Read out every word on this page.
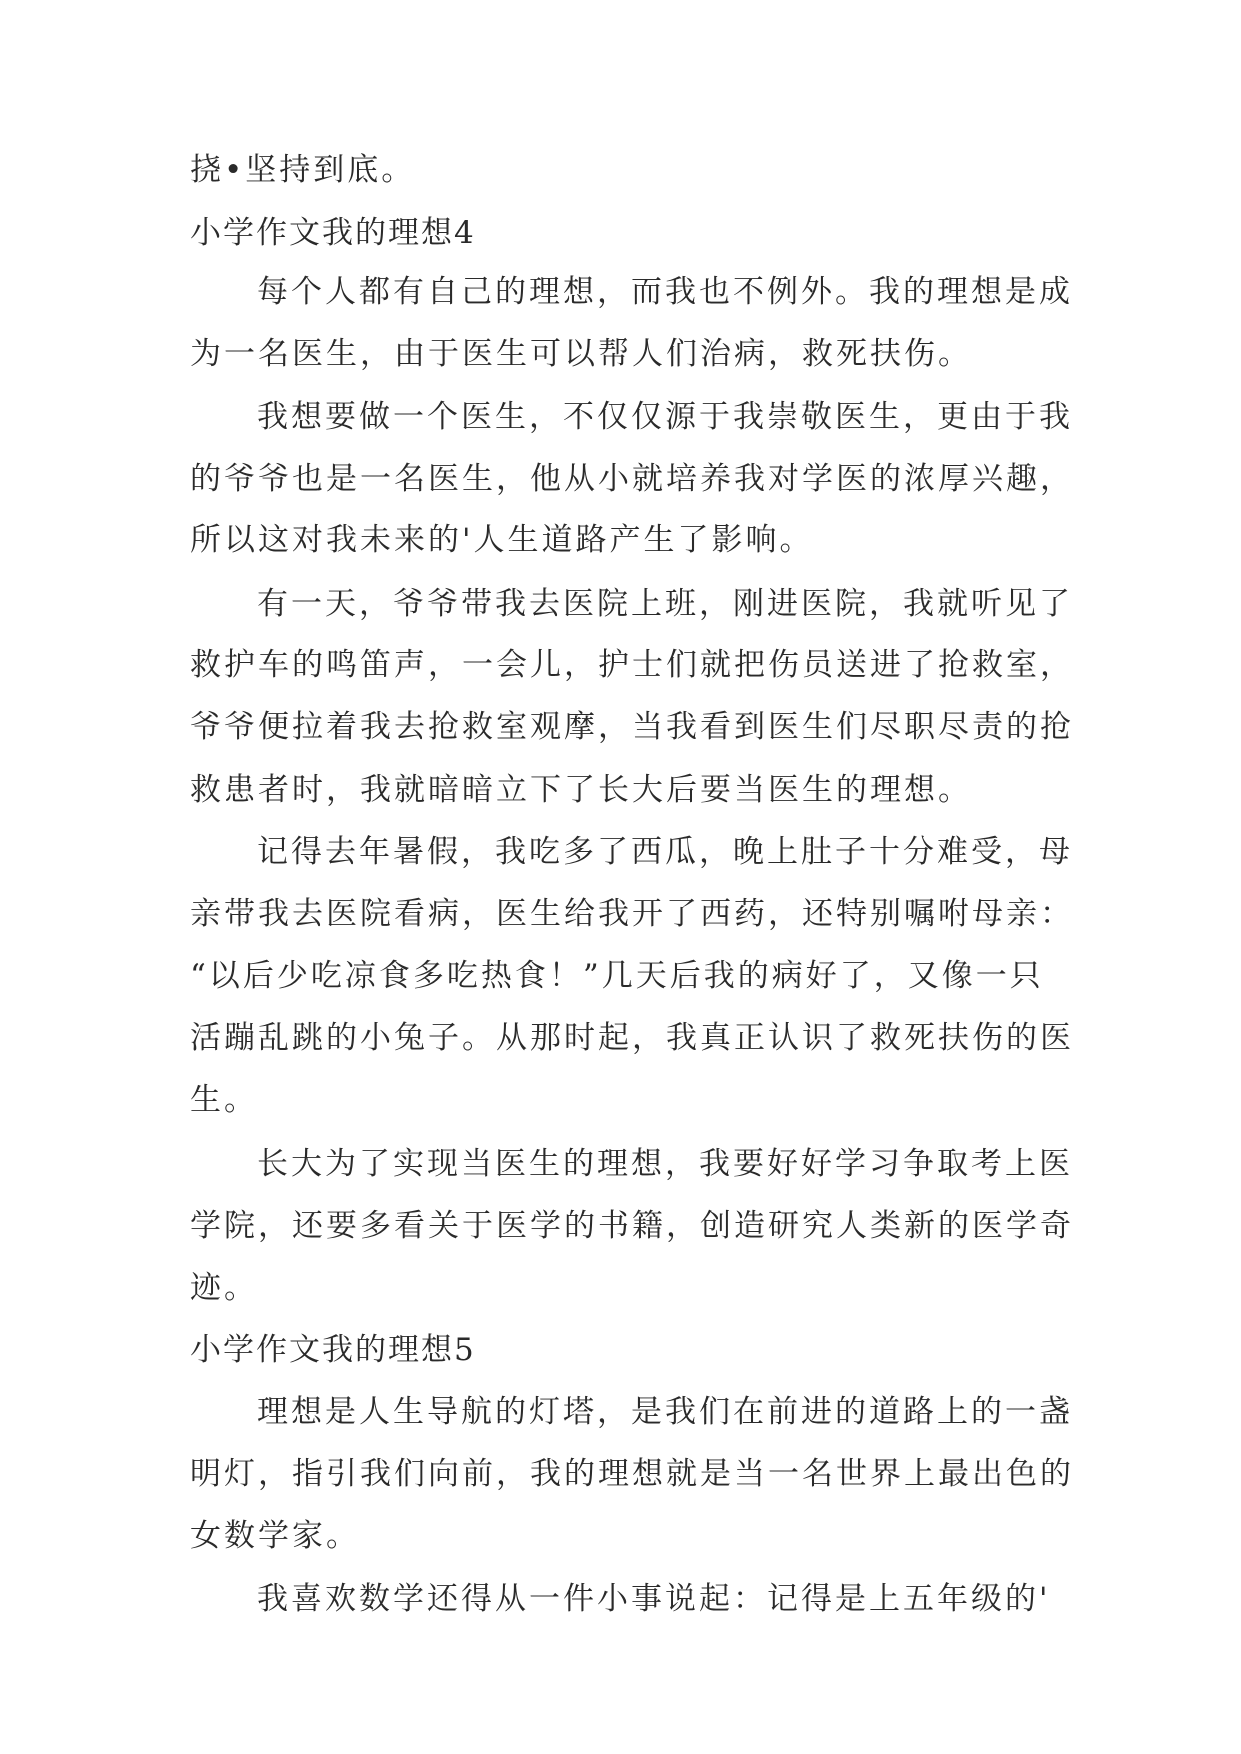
挠•坚持到底。

小学作文我的理想4

每个人都有自己的理想，而我也不例外。我的理想是成

为一名医生，由于医生可以帮人们治病，救死扶伤。

我想要做一个医生，不仅仅源于我崇敬医生，更由于我

的爷爷也是一名医生，他从小就培养我对学医的浓厚兴趣，

所以这对我未来的'人生道路产生了影响。

有一天，爷爷带我去医院上班，刚进医院，我就听见了

救护车的鸣笛声，一会儿，护士们就把伤员送进了抢救室，

爷爷便拉着我去抢救室观摩，当我看到医生们尽职尽责的抢

救患者时，我就暗暗立下了长大后要当医生的理想。

记得去年暑假，我吃多了西瓜，晚上肚子十分难受，母

亲带我去医院看病，医生给我开了西药，还特别嘱咐母亲：

“以后少吃凉食多吃热食！”几天后我的病好了，又像一只

活蹦乱跳的小兔子。从那时起，我真正认识了救死扶伤的医

生。

长大为了实现当医生的理想，我要好好学习争取考上医

学院，还要多看关于医学的书籍，创造研究人类新的医学奇

迹。

小学作文我的理想5

理想是人生导航的灯塔，是我们在前进的道路上的一盏

明灯，指引我们向前，我的理想就是当一名世界上最出色的

女数学家。

我喜欢数学还得从一件小事说起：记得是上五年级的'
